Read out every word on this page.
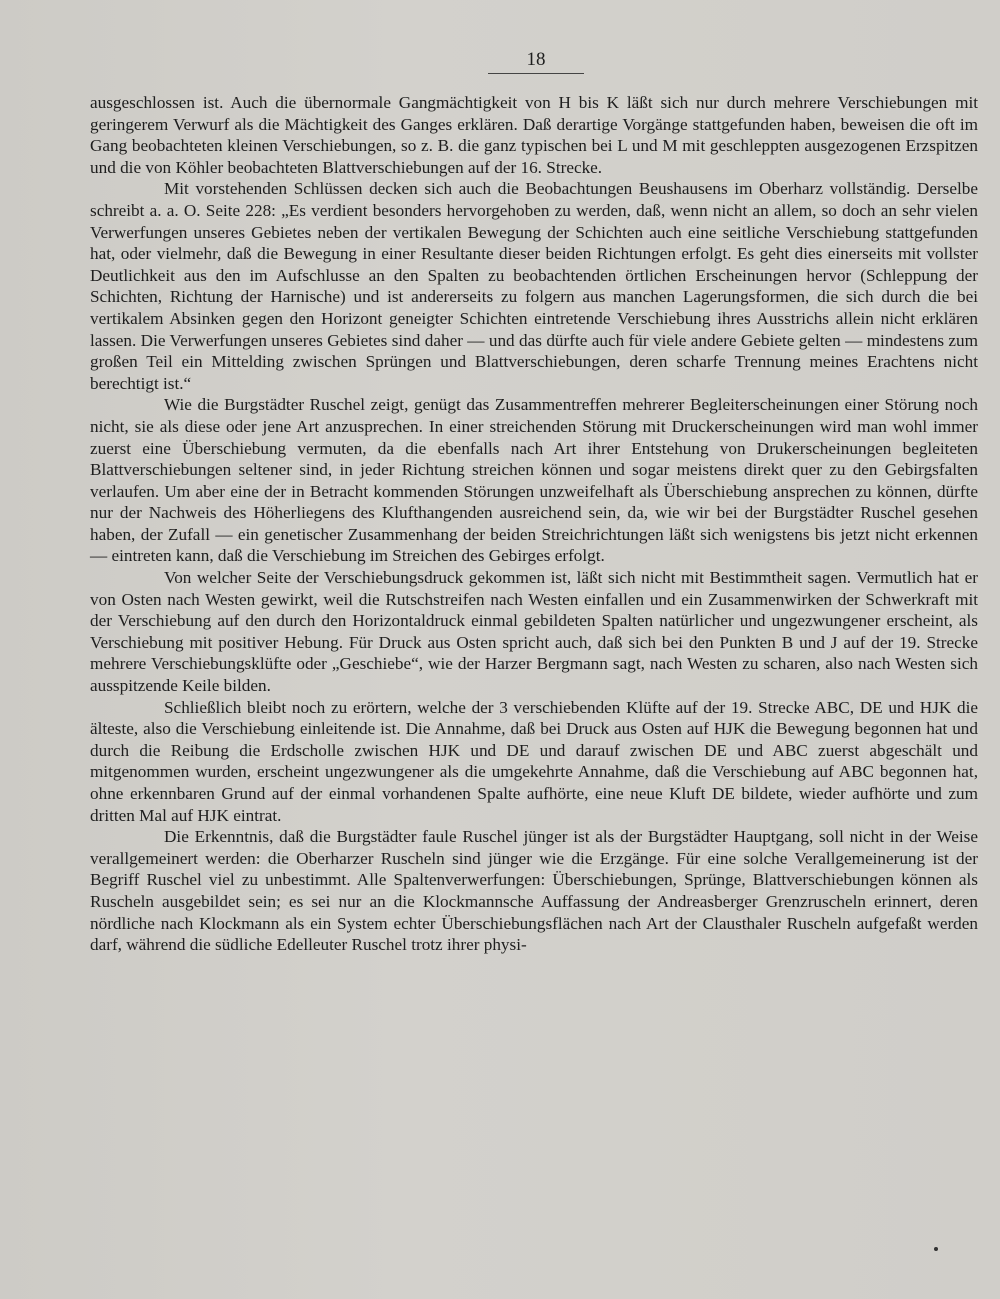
18

ausgeschlossen ist. Auch die übernormale Gangmächtigkeit von H bis K läßt sich nur durch mehrere Verschiebungen mit geringerem Verwurf als die Mächtigkeit des Ganges erklären. Daß derartige Vorgänge stattgefunden haben, beweisen die oft im Gang beobachteten kleinen Verschiebungen, so z. B. die ganz typischen bei L und M mit geschleppten ausgezogenen Erzspitzen und die von Köhler beobachteten Blattverschiebungen auf der 16. Strecke.

Mit vorstehenden Schlüssen decken sich auch die Beobachtungen Beushausens im Oberharz vollständig. Derselbe schreibt a. a. O. Seite 228: „Es verdient besonders hervorgehoben zu werden, daß, wenn nicht an allem, so doch an sehr vielen Verwerfungen unseres Gebietes neben der vertikalen Bewegung der Schichten auch eine seitliche Verschiebung stattgefunden hat, oder vielmehr, daß die Bewegung in einer Resultante dieser beiden Richtungen erfolgt. Es geht dies einerseits mit vollster Deutlichkeit aus den im Aufschlusse an den Spalten zu beobachtenden örtlichen Erscheinungen hervor (Schleppung der Schichten, Richtung der Harnische) und ist andererseits zu folgern aus manchen Lagerungsformen, die sich durch die bei vertikalem Absinken gegen den Horizont geneigter Schichten eintretende Verschiebung ihres Ausstrichs allein nicht erklären lassen. Die Verwerfungen unseres Gebietes sind daher — und das dürfte auch für viele andere Gebiete gelten — mindestens zum großen Teil ein Mittelding zwischen Sprüngen und Blattverschiebungen, deren scharfe Trennung meines Erachtens nicht berechtigt ist.“

Wie die Burgstädter Ruschel zeigt, genügt das Zusammentreffen mehrerer Begleiterscheinungen einer Störung noch nicht, sie als diese oder jene Art anzusprechen. In einer streichenden Störung mit Druckerscheinungen wird man wohl immer zuerst eine Überschiebung vermuten, da die ebenfalls nach Art ihrer Entstehung von Drukerscheinungen begleiteten Blattverschiebungen seltener sind, in jeder Richtung streichen können und sogar meistens direkt quer zu den Gebirgsfalten verlaufen. Um aber eine der in Betracht kommenden Störungen unzweifelhaft als Überschiebung ansprechen zu können, dürfte nur der Nachweis des Höherliegens des Klufthangenden ausreichend sein, da, wie wir bei der Burgstädter Ruschel gesehen haben, der Zufall — ein genetischer Zusammenhang der beiden Streichrichtungen läßt sich wenigstens bis jetzt nicht erkennen — eintreten kann, daß die Verschiebung im Streichen des Gebirges erfolgt.

Von welcher Seite der Verschiebungsdruck gekommen ist, läßt sich nicht mit Bestimmtheit sagen. Vermutlich hat er von Osten nach Westen gewirkt, weil die Rutschstreifen nach Westen einfallen und ein Zusammenwirken der Schwerkraft mit der Verschiebung auf den durch den Horizontaldruck einmal gebildeten Spalten natürlicher und ungezwungener erscheint, als Verschiebung mit positiver Hebung. Für Druck aus Osten spricht auch, daß sich bei den Punkten B und J auf der 19. Strecke mehrere Verschiebungsklüfte oder „Geschiebe“, wie der Harzer Bergmann sagt, nach Westen zu scharen, also nach Westen sich ausspitzende Keile bilden.

Schließlich bleibt noch zu erörtern, welche der 3 verschiebenden Klüfte auf der 19. Strecke ABC, DE und HJK die älteste, also die Verschiebung einleitende ist. Die Annahme, daß bei Druck aus Osten auf HJK die Bewegung begonnen hat und durch die Reibung die Erdscholle zwischen HJK und DE und darauf zwischen DE und ABC zuerst abgeschält und mitgenommen wurden, erscheint ungezwungener als die umgekehrte Annahme, daß die Verschiebung auf ABC begonnen hat, ohne erkennbaren Grund auf der einmal vorhandenen Spalte aufhörte, eine neue Kluft DE bildete, wieder aufhörte und zum dritten Mal auf HJK eintrat.

Die Erkenntnis, daß die Burgstädter faule Ruschel jünger ist als der Burgstädter Hauptgang, soll nicht in der Weise verallgemeinert werden: die Oberharzer Ruscheln sind jünger wie die Erzgänge. Für eine solche Verallgemeinerung ist der Begriff Ruschel viel zu unbestimmt. Alle Spaltenverwerfungen: Überschiebungen, Sprünge, Blattverschiebungen können als Ruscheln ausgebildet sein; es sei nur an die Klockmannsche Auffassung der Andreasberger Grenzruscheln erinnert, deren nördliche nach Klockmann als ein System echter Überschiebungsflächen nach Art der Clausthaler Ruscheln aufgefaßt werden darf, während die südliche Edelleuter Ruschel trotz ihrer physi-
